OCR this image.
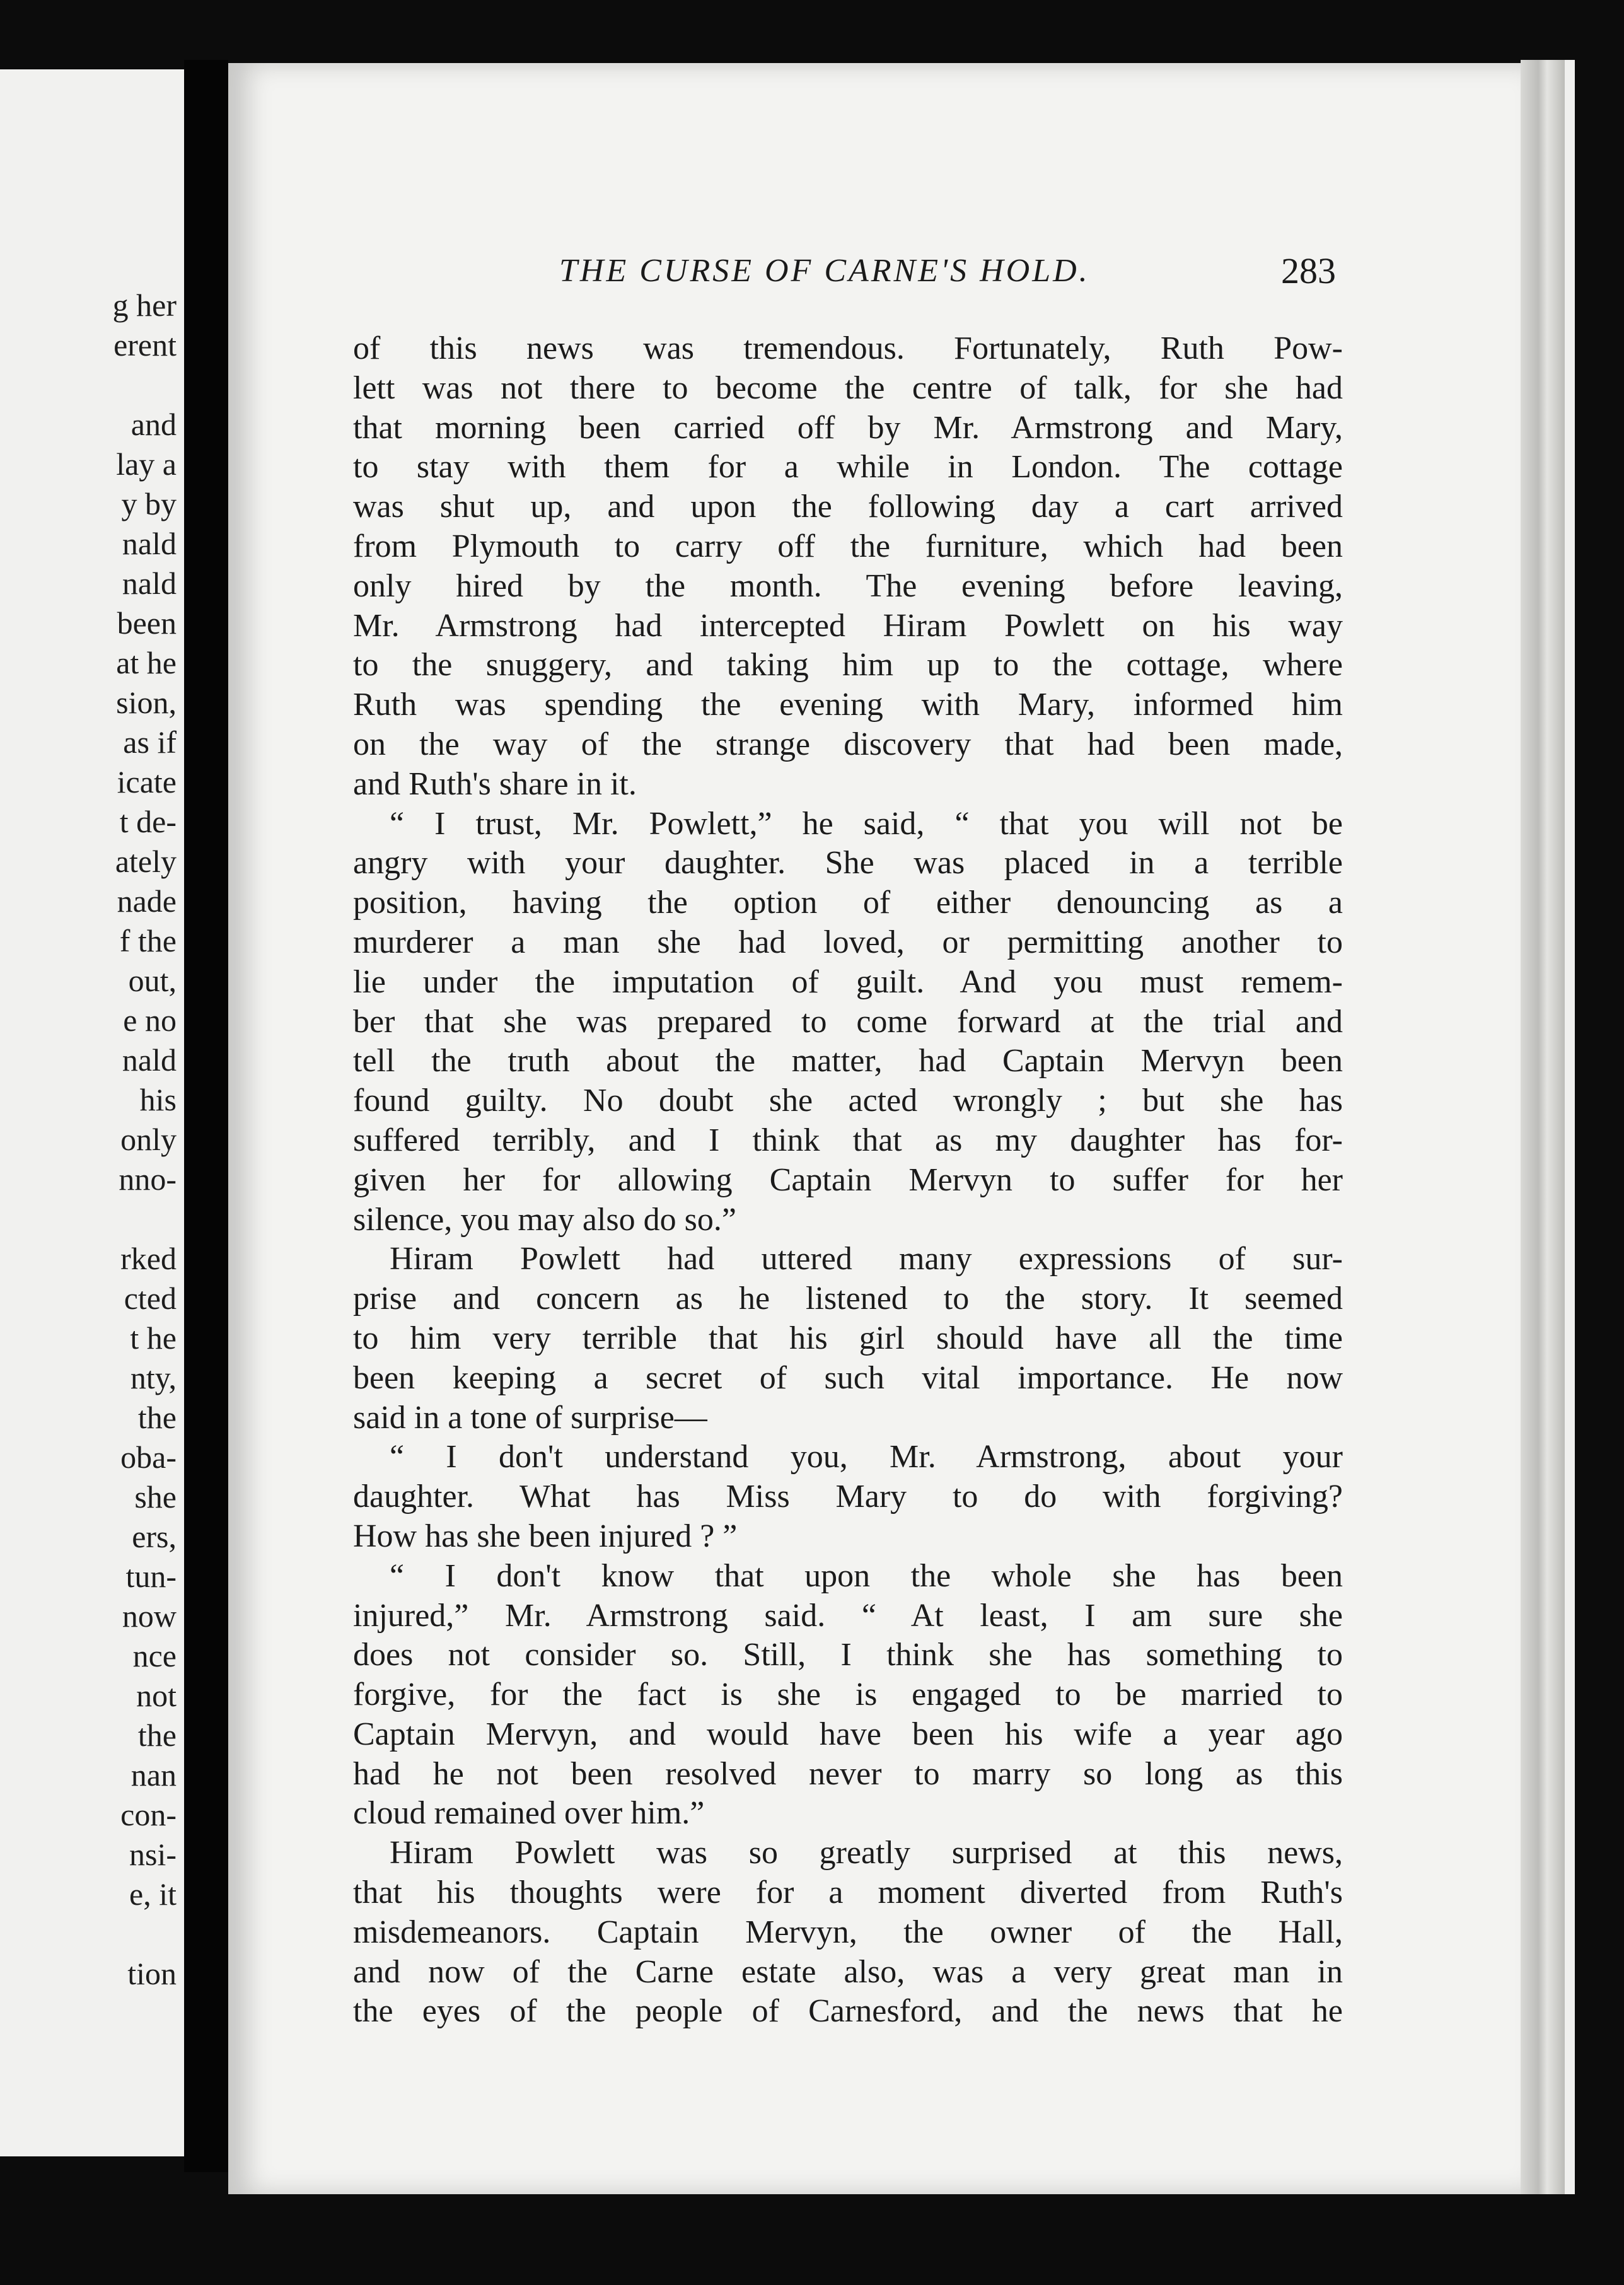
g her
erent
and
lay a
y by
nald
nald
been
at he
sion,
as if
icate
t de-
ately
nade
f the
out,
e no
nald
his
only
nno-
rked
cted
t he
nty,
the
oba-
she
ers,
tun-
now
nce
not
the
nan
con-
nsi-
e, it
tion
THE CURSE OF CARNE'S HOLD.	283
of this news was tremendous. Fortunately, Ruth Pow-
lett was not there to become the centre of talk, for she had
that morning been carried off by Mr. Armstrong and Mary,
to stay with them for a while in London. The cottage
was shut up, and upon the following day a cart arrived
from Plymouth to carry off the furniture, which had been
only hired by the month. The evening before leaving,
Mr. Armstrong had intercepted Hiram Powlett on his way
to the snuggery, and taking him up to the cottage, where
Ruth was spending the evening with Mary, informed him
on the way of the strange discovery that had been made,
and Ruth's share in it.
“ I trust, Mr. Powlett,” he said, “ that you will not be
angry with your daughter. She was placed in a terrible
position, having the option of either denouncing as a
murderer a man she had loved, or permitting another to
lie under the imputation of guilt. And you must remem-
ber that she was prepared to come forward at the trial and
tell the truth about the matter, had Captain Mervyn been
found guilty. No doubt she acted wrongly ; but she has
suffered terribly, and I think that as my daughter has for-
given her for allowing Captain Mervyn to suffer for her
silence, you may also do so.”
Hiram Powlett had uttered many expressions of sur-
prise and concern as he listened to the story. It seemed
to him very terrible that his girl should have all the time
been keeping a secret of such vital importance. He now
said in a tone of surprise—
“ I don't understand you, Mr. Armstrong, about your
daughter. What has Miss Mary to do with forgiving?
How has she been injured ? ”
“ I don't know that upon the whole she has been
injured,” Mr. Armstrong said. “ At least, I am sure she
does not consider so. Still, I think she has something to
forgive, for the fact is she is engaged to be married to
Captain Mervyn, and would have been his wife a year ago
had he not been resolved never to marry so long as this
cloud remained over him.”
Hiram Powlett was so greatly surprised at this news,
that his thoughts were for a moment diverted from Ruth's
misdemeanors. Captain Mervyn, the owner of the Hall,
and now of the Carne estate also, was a very great man in
the eyes of the people of Carnesford, and the news that he
